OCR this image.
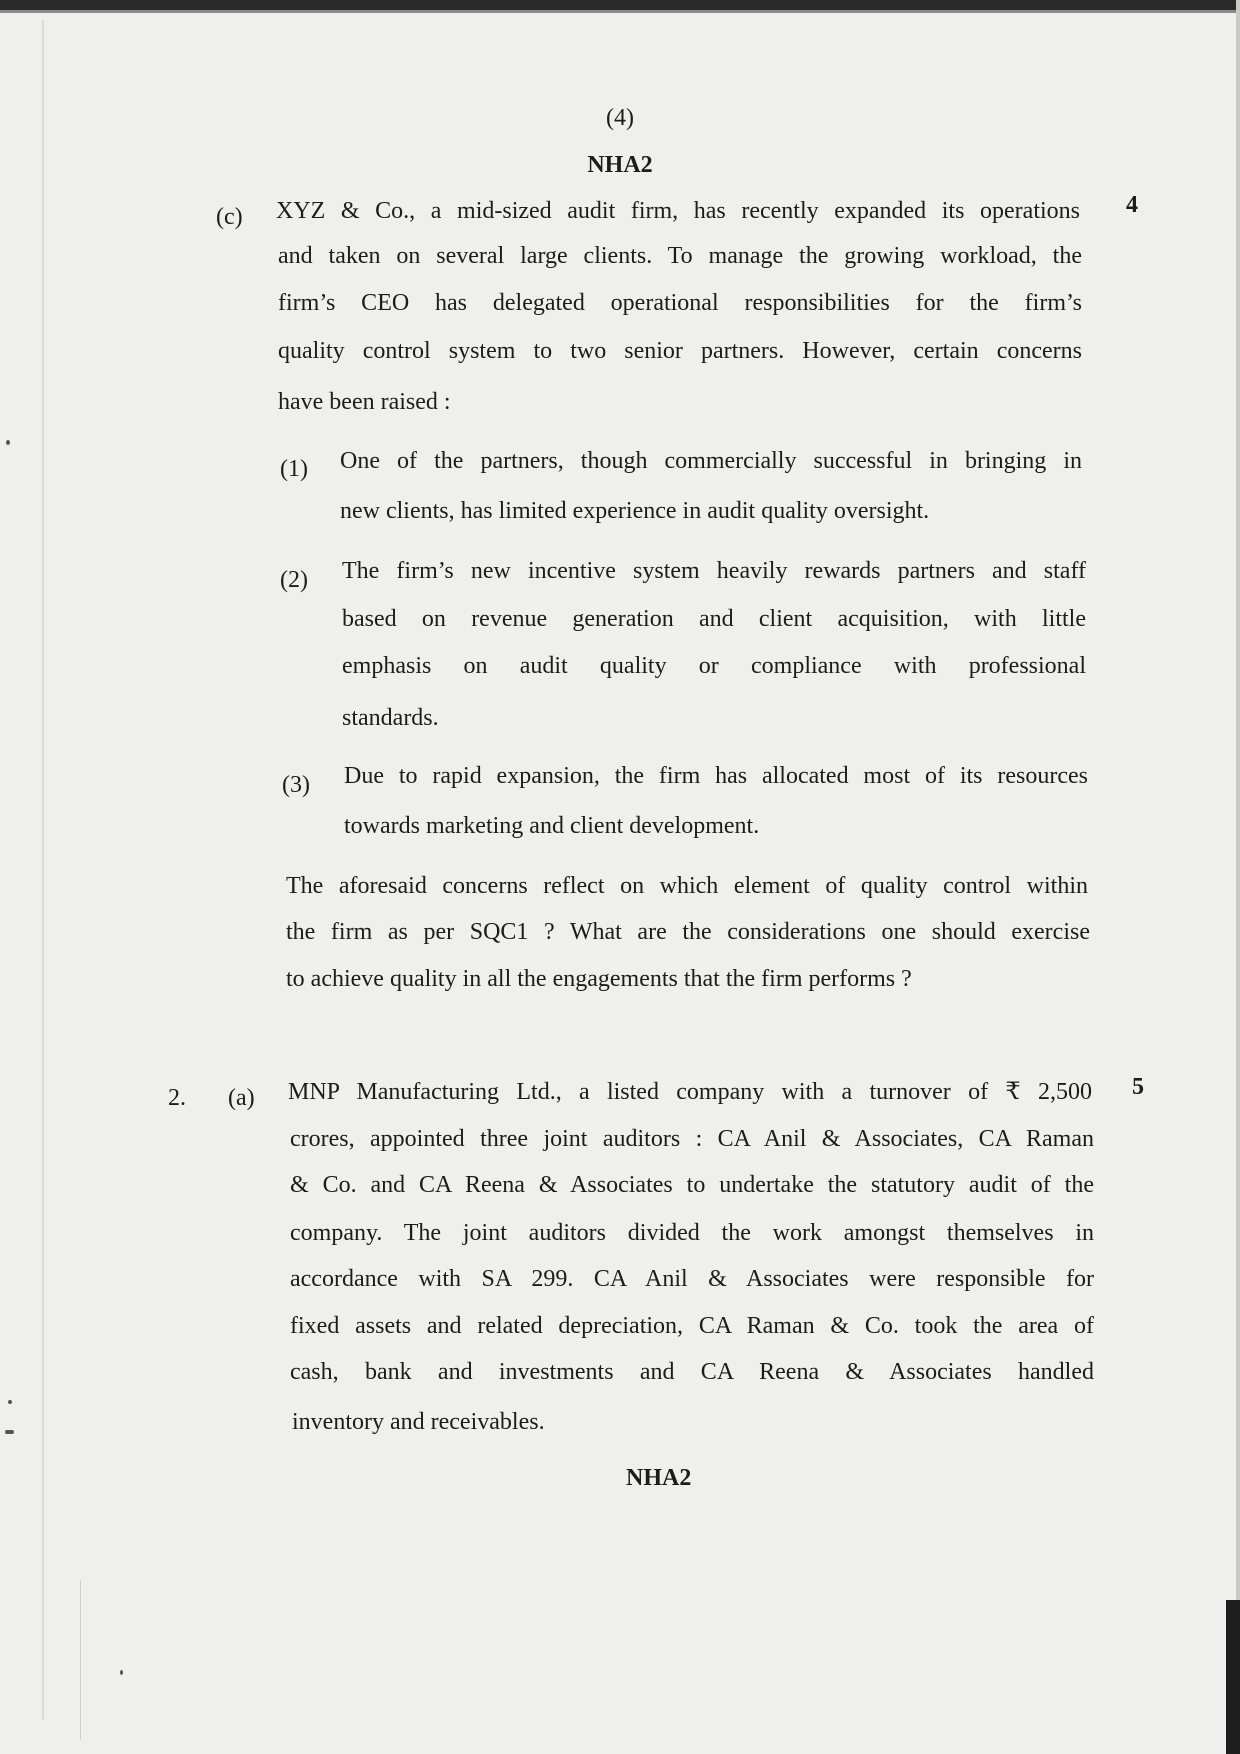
(4)
NHA2
(c)	4
XYZ & Co., a mid-sized audit firm, has recently expanded its operations
and taken on several large clients. To manage the growing workload, the
firm’s CEO has delegated operational responsibilities for the firm’s
quality control system to two senior partners. However, certain concerns
have been raised :
(1) One of the partners, though commercially successful in bringing in
new clients, has limited experience in audit quality oversight.
(2) The firm’s new incentive system heavily rewards partners and staff
based on revenue generation and client acquisition, with little
emphasis on audit quality or compliance with professional
standards.
(3) Due to rapid expansion, the firm has allocated most of its resources
towards marketing and client development.
The aforesaid concerns reflect on which element of quality control within
the firm as per SQC1 ? What are the considerations one should exercise
to achieve quality in all the engagements that the firm performs ?
2. (a)	5
MNP Manufacturing Ltd., a listed company with a turnover of ₹ 2,500
crores, appointed three joint auditors : CA Anil & Associates, CA Raman
& Co. and CA Reena & Associates to undertake the statutory audit of the
company. The joint auditors divided the work amongst themselves in
accordance with SA 299. CA Anil & Associates were responsible for
fixed assets and related depreciation, CA Raman & Co. took the area of
cash, bank and investments and CA Reena & Associates handled
inventory and receivables.
NHA2
